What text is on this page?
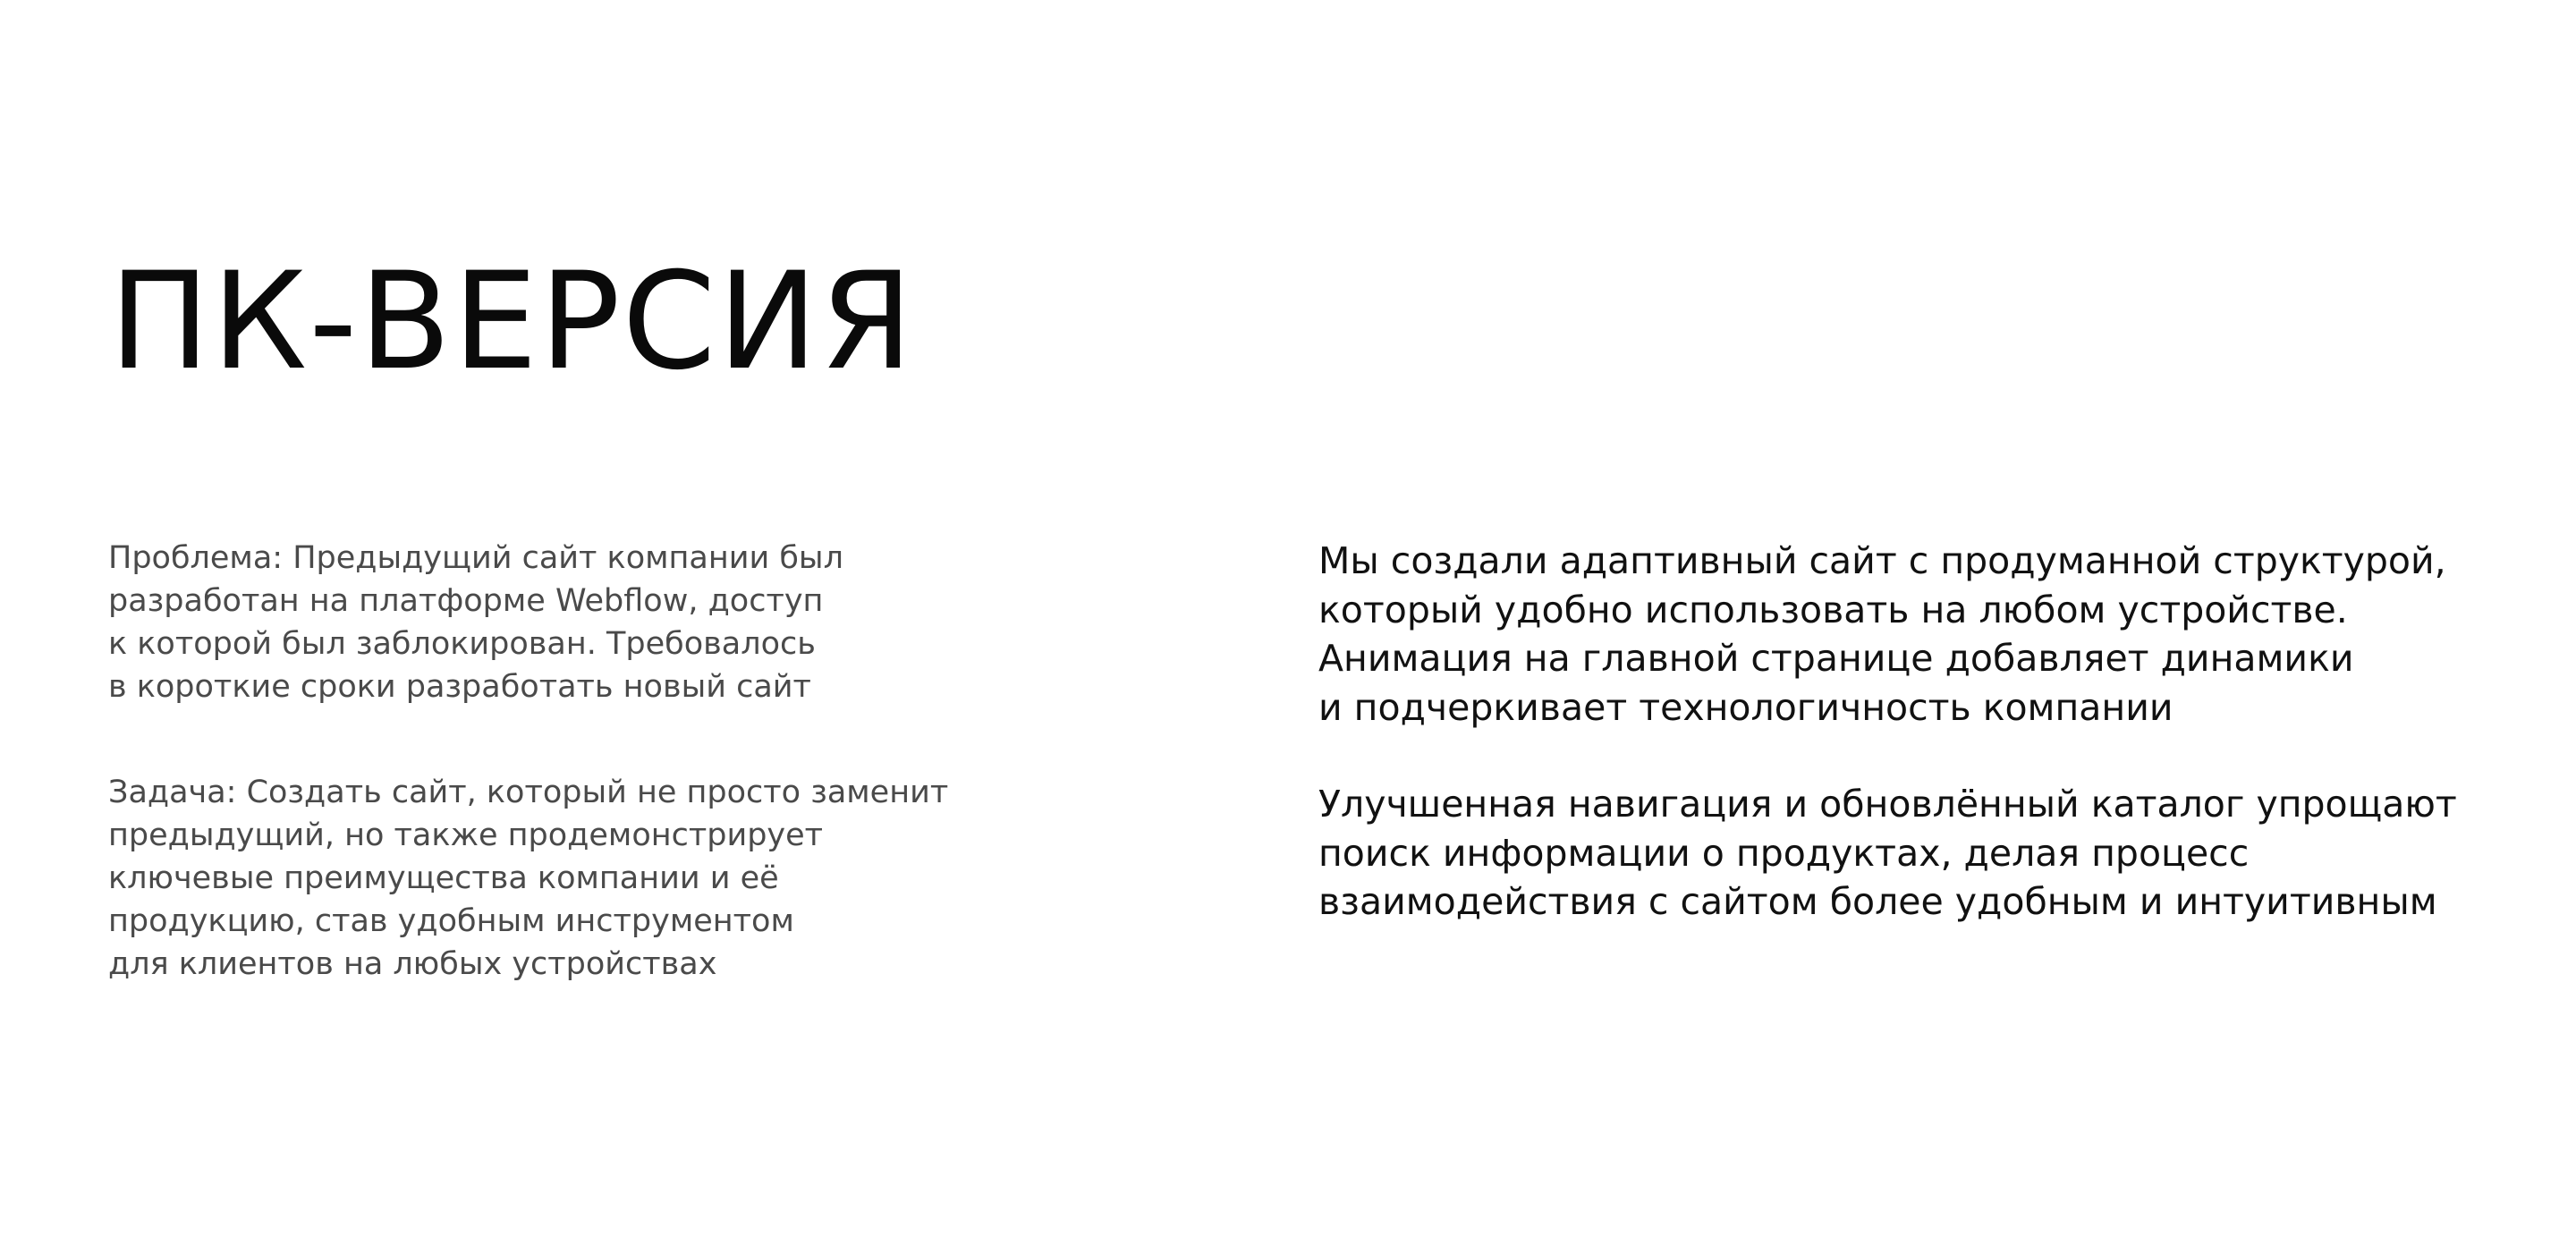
ПК-ВЕРСИЯ

Проблема: Предыдущий сайт компании был
разработан на платформе Webflow, доступ
к которой был заблокирован. Требовалось
в короткие сроки разработать новый сайт

Задача: Создать сайт, который не просто заменит
предыдущий, но также продемонстрирует
ключевые преимущества компании и её
продукцию, став удобным инструментом
для клиентов на любых устройствах

Мы создали адаптивный сайт с продуманной структурой,
который удобно использовать на любом устройстве.
Анимация на главной странице добавляет динамики
и подчеркивает технологичность компании

Улучшенная навигация и обновлённый каталог упрощают
поиск информации о продуктах, делая процесс
взаимодействия с сайтом более удобным и интуитивным
